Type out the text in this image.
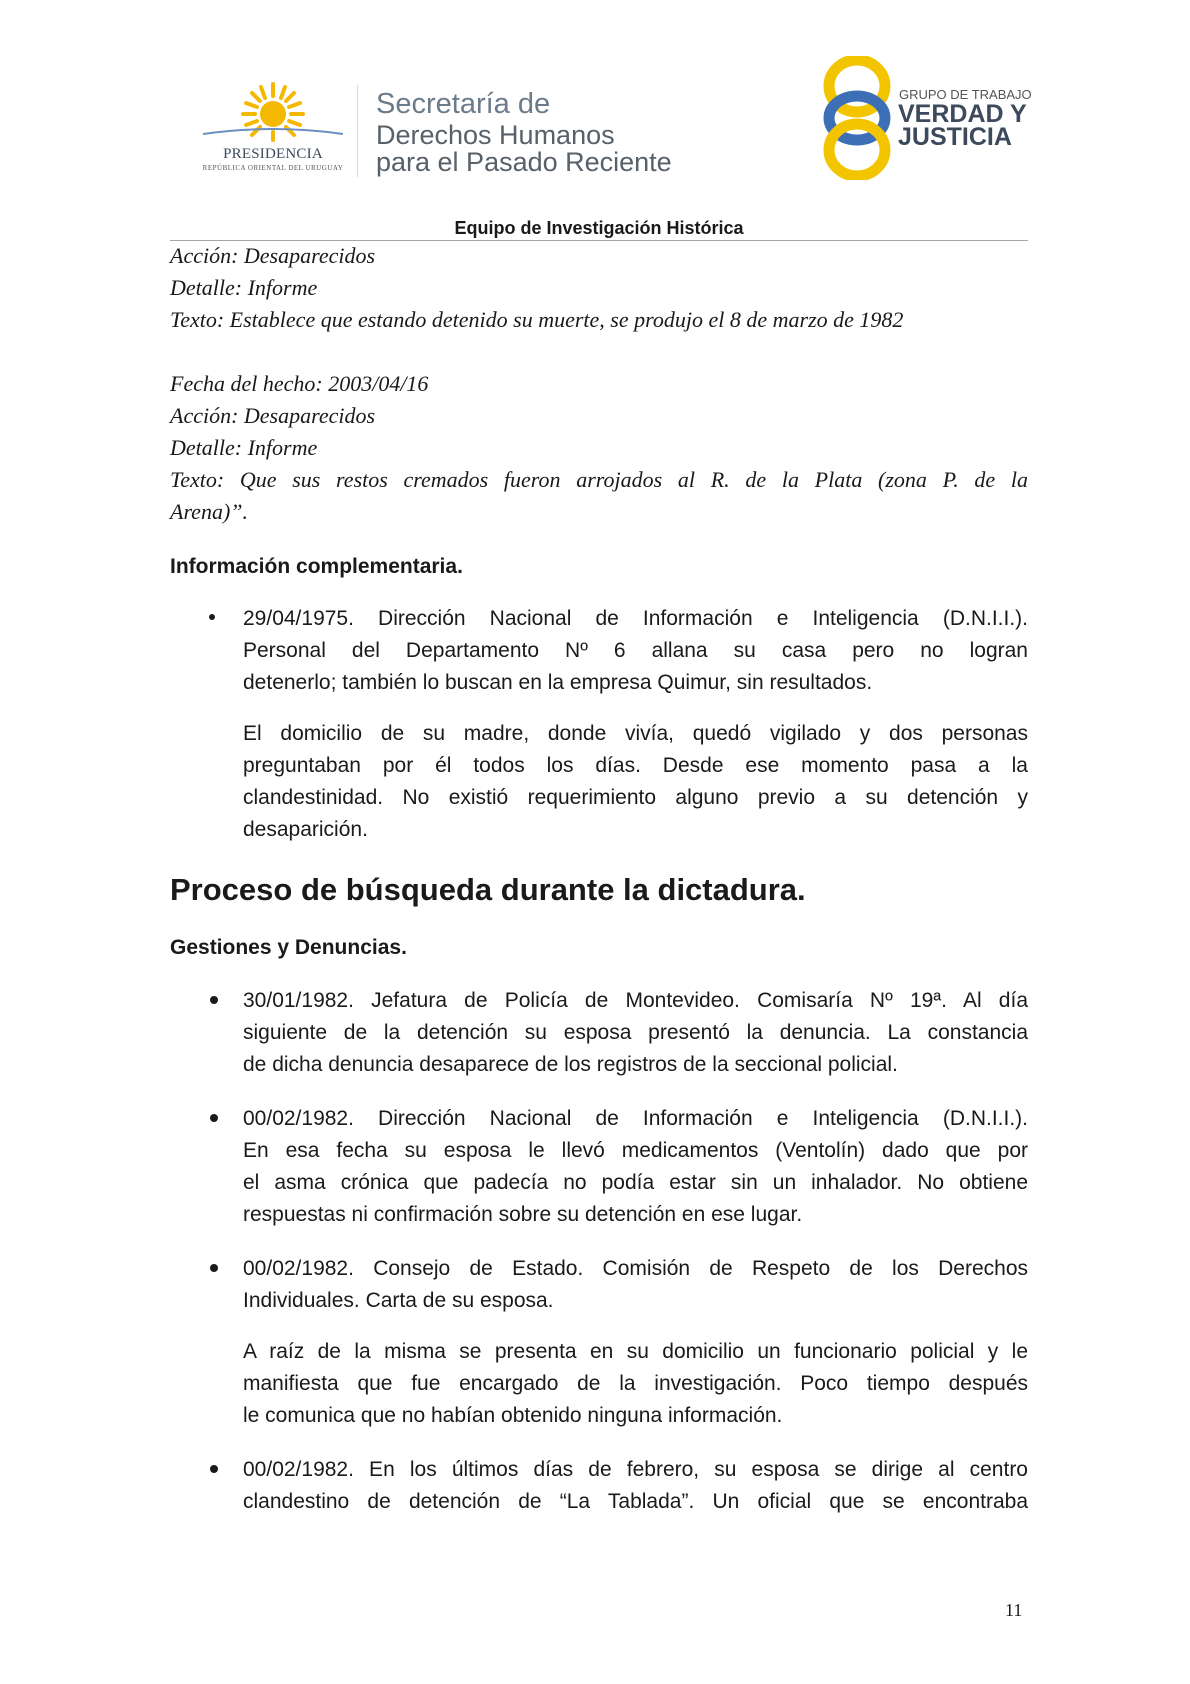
PRESIDENCIA
REPÚBLICA ORIENTAL DEL URUGUAY
Secretaría de
Derechos Humanos
para el Pasado Reciente
GRUPO DE TRABAJO
VERDAD Y
JUSTICIA
Equipo de Investigación Histórica
Acción: Desaparecidos
Detalle: Informe
Texto: Establece que estando detenido su muerte, se produjo el 8 de marzo de 1982
Fecha del hecho: 2003/04/16
Acción: Desaparecidos
Detalle: Informe
Texto: Que sus restos cremados fueron arrojados al R. de la Plata (zona P. de la
Arena)”.
Información complementaria.
29/04/1975. Dirección Nacional de Información e Inteligencia (D.N.I.I.).
Personal del Departamento Nº 6 allana su casa pero no logran
detenerlo; también lo buscan en la empresa Quimur, sin resultados.
El domicilio de su madre, donde vivía, quedó vigilado y dos personas
preguntaban por él todos los días. Desde ese momento pasa a la
clandestinidad. No existió requerimiento alguno previo a su detención y
desaparición.
Proceso de búsqueda durante la dictadura.
Gestiones y Denuncias.
30/01/1982. Jefatura de Policía de Montevideo. Comisaría Nº 19ª. Al día
siguiente de la detención su esposa presentó la denuncia. La constancia
de dicha denuncia desaparece de los registros de la seccional policial.
00/02/1982. Dirección Nacional de Información e Inteligencia (D.N.I.I.).
En esa fecha su esposa le llevó medicamentos (Ventolín) dado que por
el asma crónica que padecía no podía estar sin un inhalador. No obtiene
respuestas ni confirmación sobre su detención en ese lugar.
00/02/1982. Consejo de Estado. Comisión de Respeto de los Derechos
Individuales. Carta de su esposa.
A raíz de la misma se presenta en su domicilio un funcionario policial y le
manifiesta que fue encargado de la investigación. Poco tiempo después
le comunica que no habían obtenido ninguna información.
00/02/1982. En los últimos días de febrero, su esposa se dirige al centro
clandestino de detención de “La Tablada”. Un oficial que se encontraba
11
